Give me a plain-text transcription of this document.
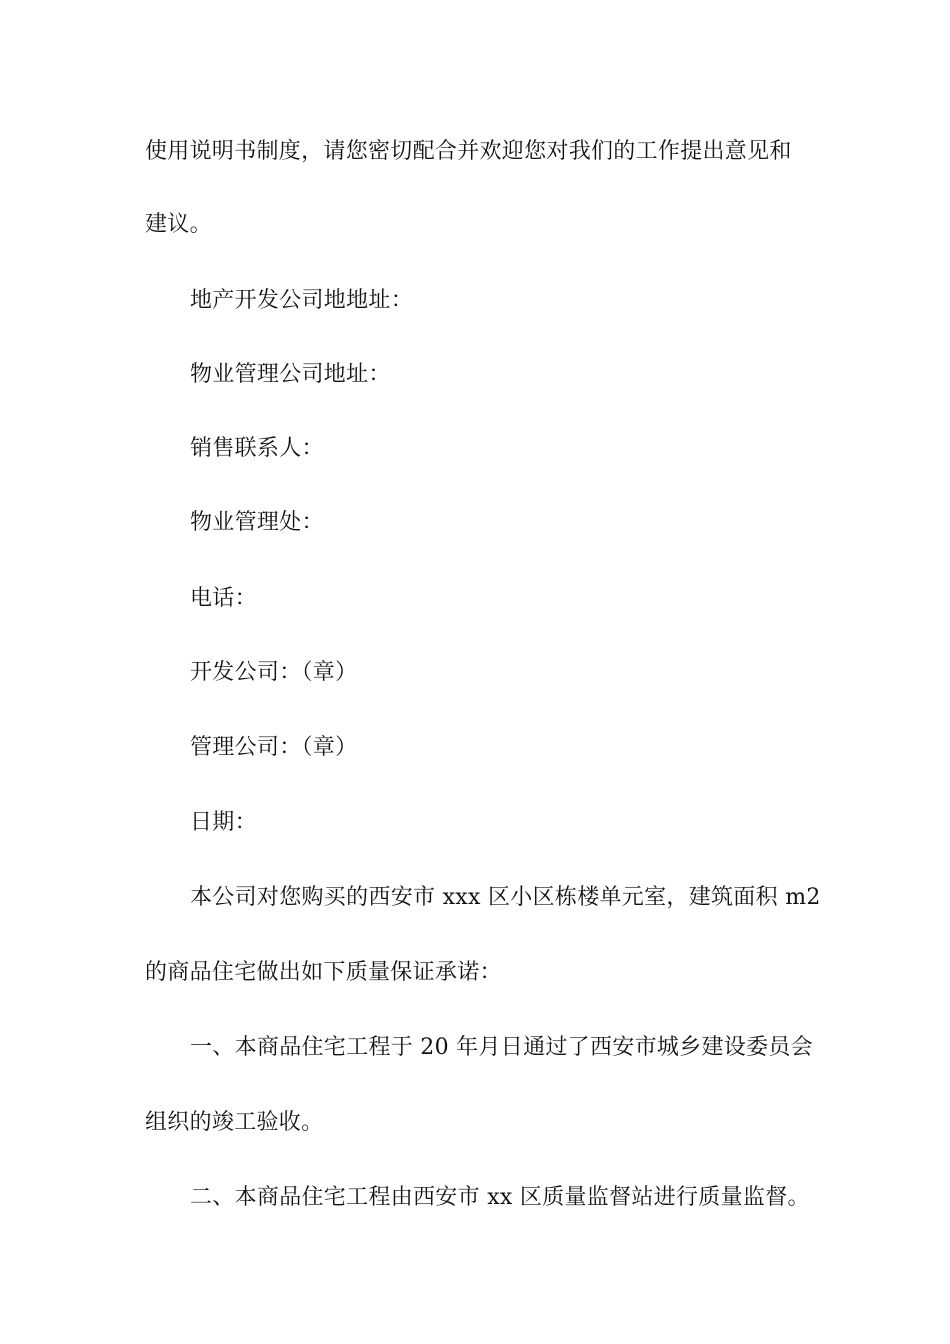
使用说明书制度，请您密切配合并欢迎您对我们的工作提出意见和
建议。
地产开发公司地地址：
物业管理公司地址：
销售联系人：
物业管理处：
电话：
开发公司：（章）
管理公司：（章）
日期：
本公司对您购买的西安市 xxx 区小区栋楼单元室，建筑面积 m2
的商品住宅做出如下质量保证承诺：
一、本商品住宅工程于 20 年月日通过了西安市城乡建设委员会
组织的竣工验收。
二、本商品住宅工程由西安市 xx 区质量监督站进行质量监督。
